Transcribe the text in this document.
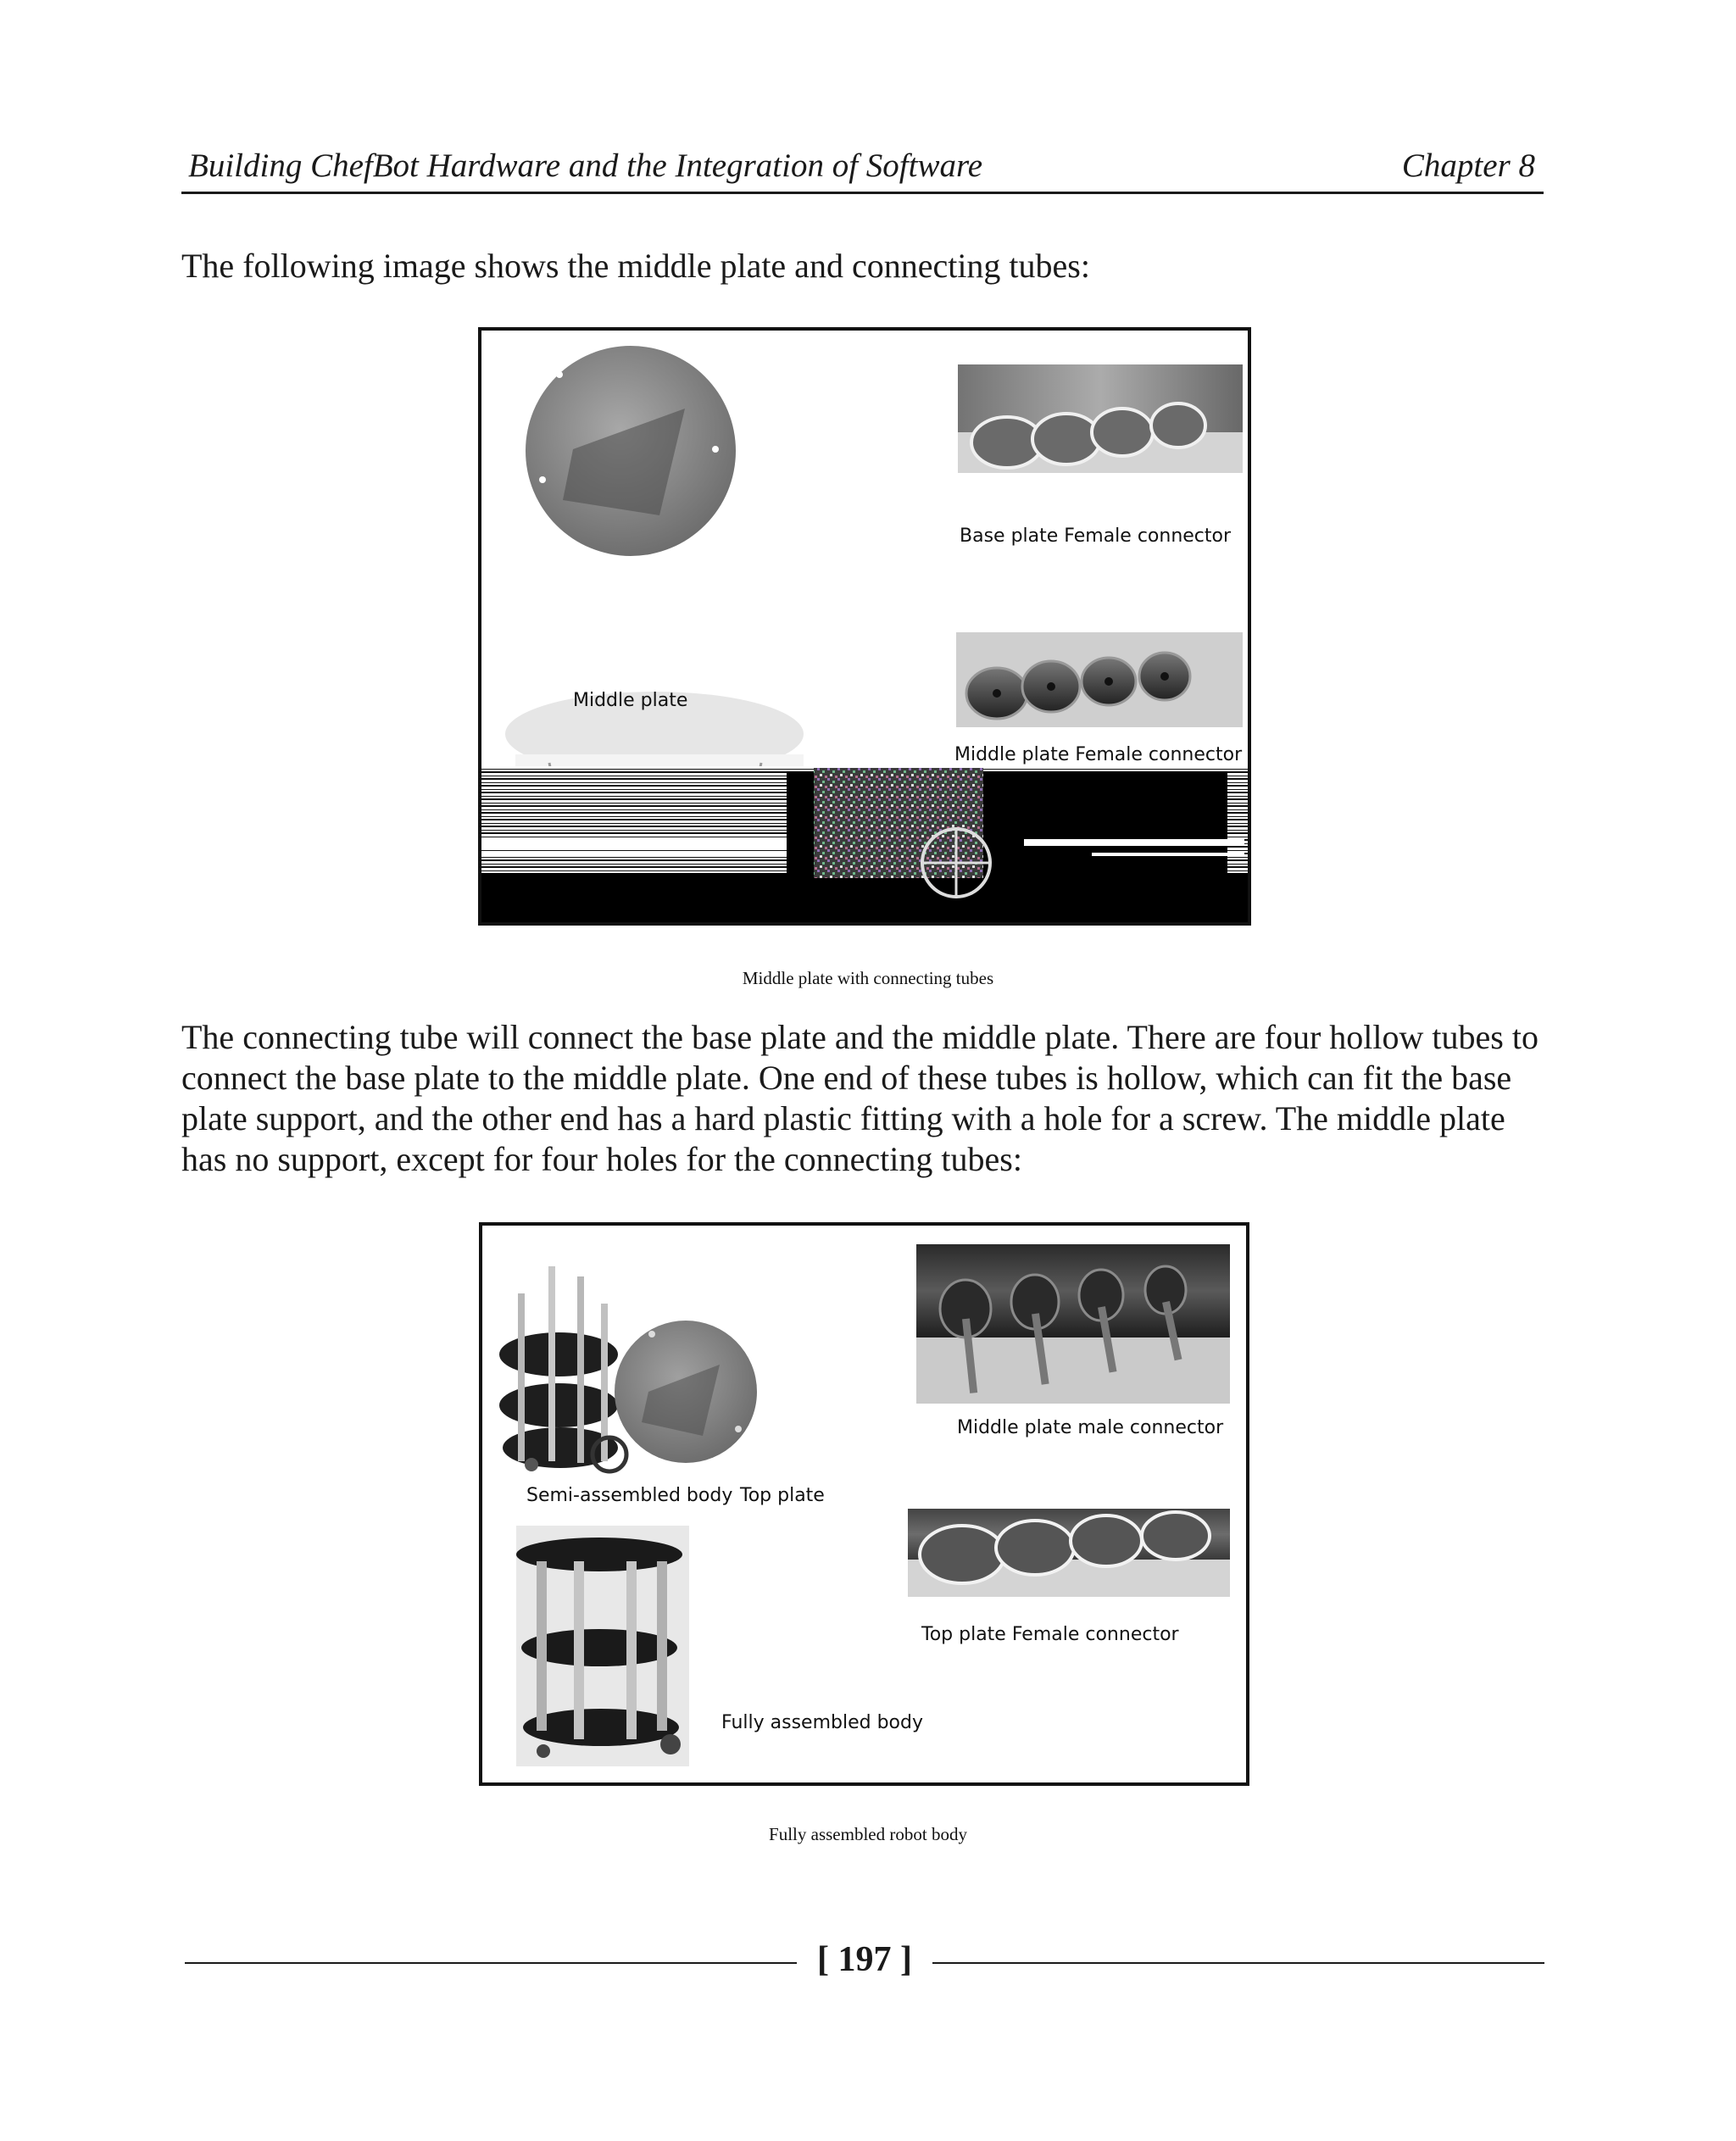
Building ChefBot Hardware and the Integration of Software	Chapter 8

The following image shows the middle plate and connecting tubes:

Middle plate
Base plate Female connector
Middle plate Female connector
Middle plate with connecting tubes

The connecting tube will connect the base plate and the middle plate. There are four hollow tubes to connect the base plate to the middle plate. One end of these tubes is hollow, which can fit the base plate support, and the other end has a hard plastic fitting with a hole for a screw. The middle plate has no support, except for four holes for the connecting tubes:

Semi-assembled body Top plate
Middle plate male connector
Top plate Female connector
Fully assembled body
Fully assembled robot body
[ 197 ]
